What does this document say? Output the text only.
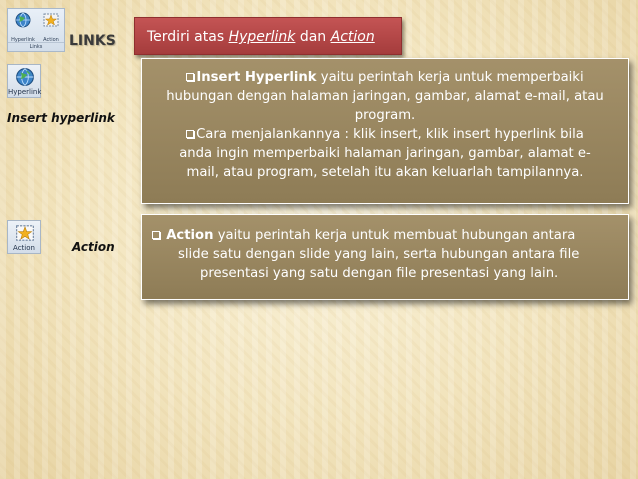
Hyperlink	Action
Links	LINKS	Terdiri atas Hyperlink dan Action
Hyperlink
Insert hyperlink

Insert Hyperlink yaitu perintah kerja untuk memperbaiki
hubungan dengan halaman jaringan, gambar, alamat e-mail, atau
program.

Cara menjalankannya : klik insert, klik insert hyperlink bila
anda ingin memperbaiki halaman jaringan, gambar, alamat e-
mail, atau program, setelah itu akan keluarlah tampilannya.

Action	Action

Action yaitu perintah kerja untuk membuat hubungan antara
slide satu dengan slide yang lain, serta hubungan antara file
presentasi yang satu dengan file presentasi yang lain.
